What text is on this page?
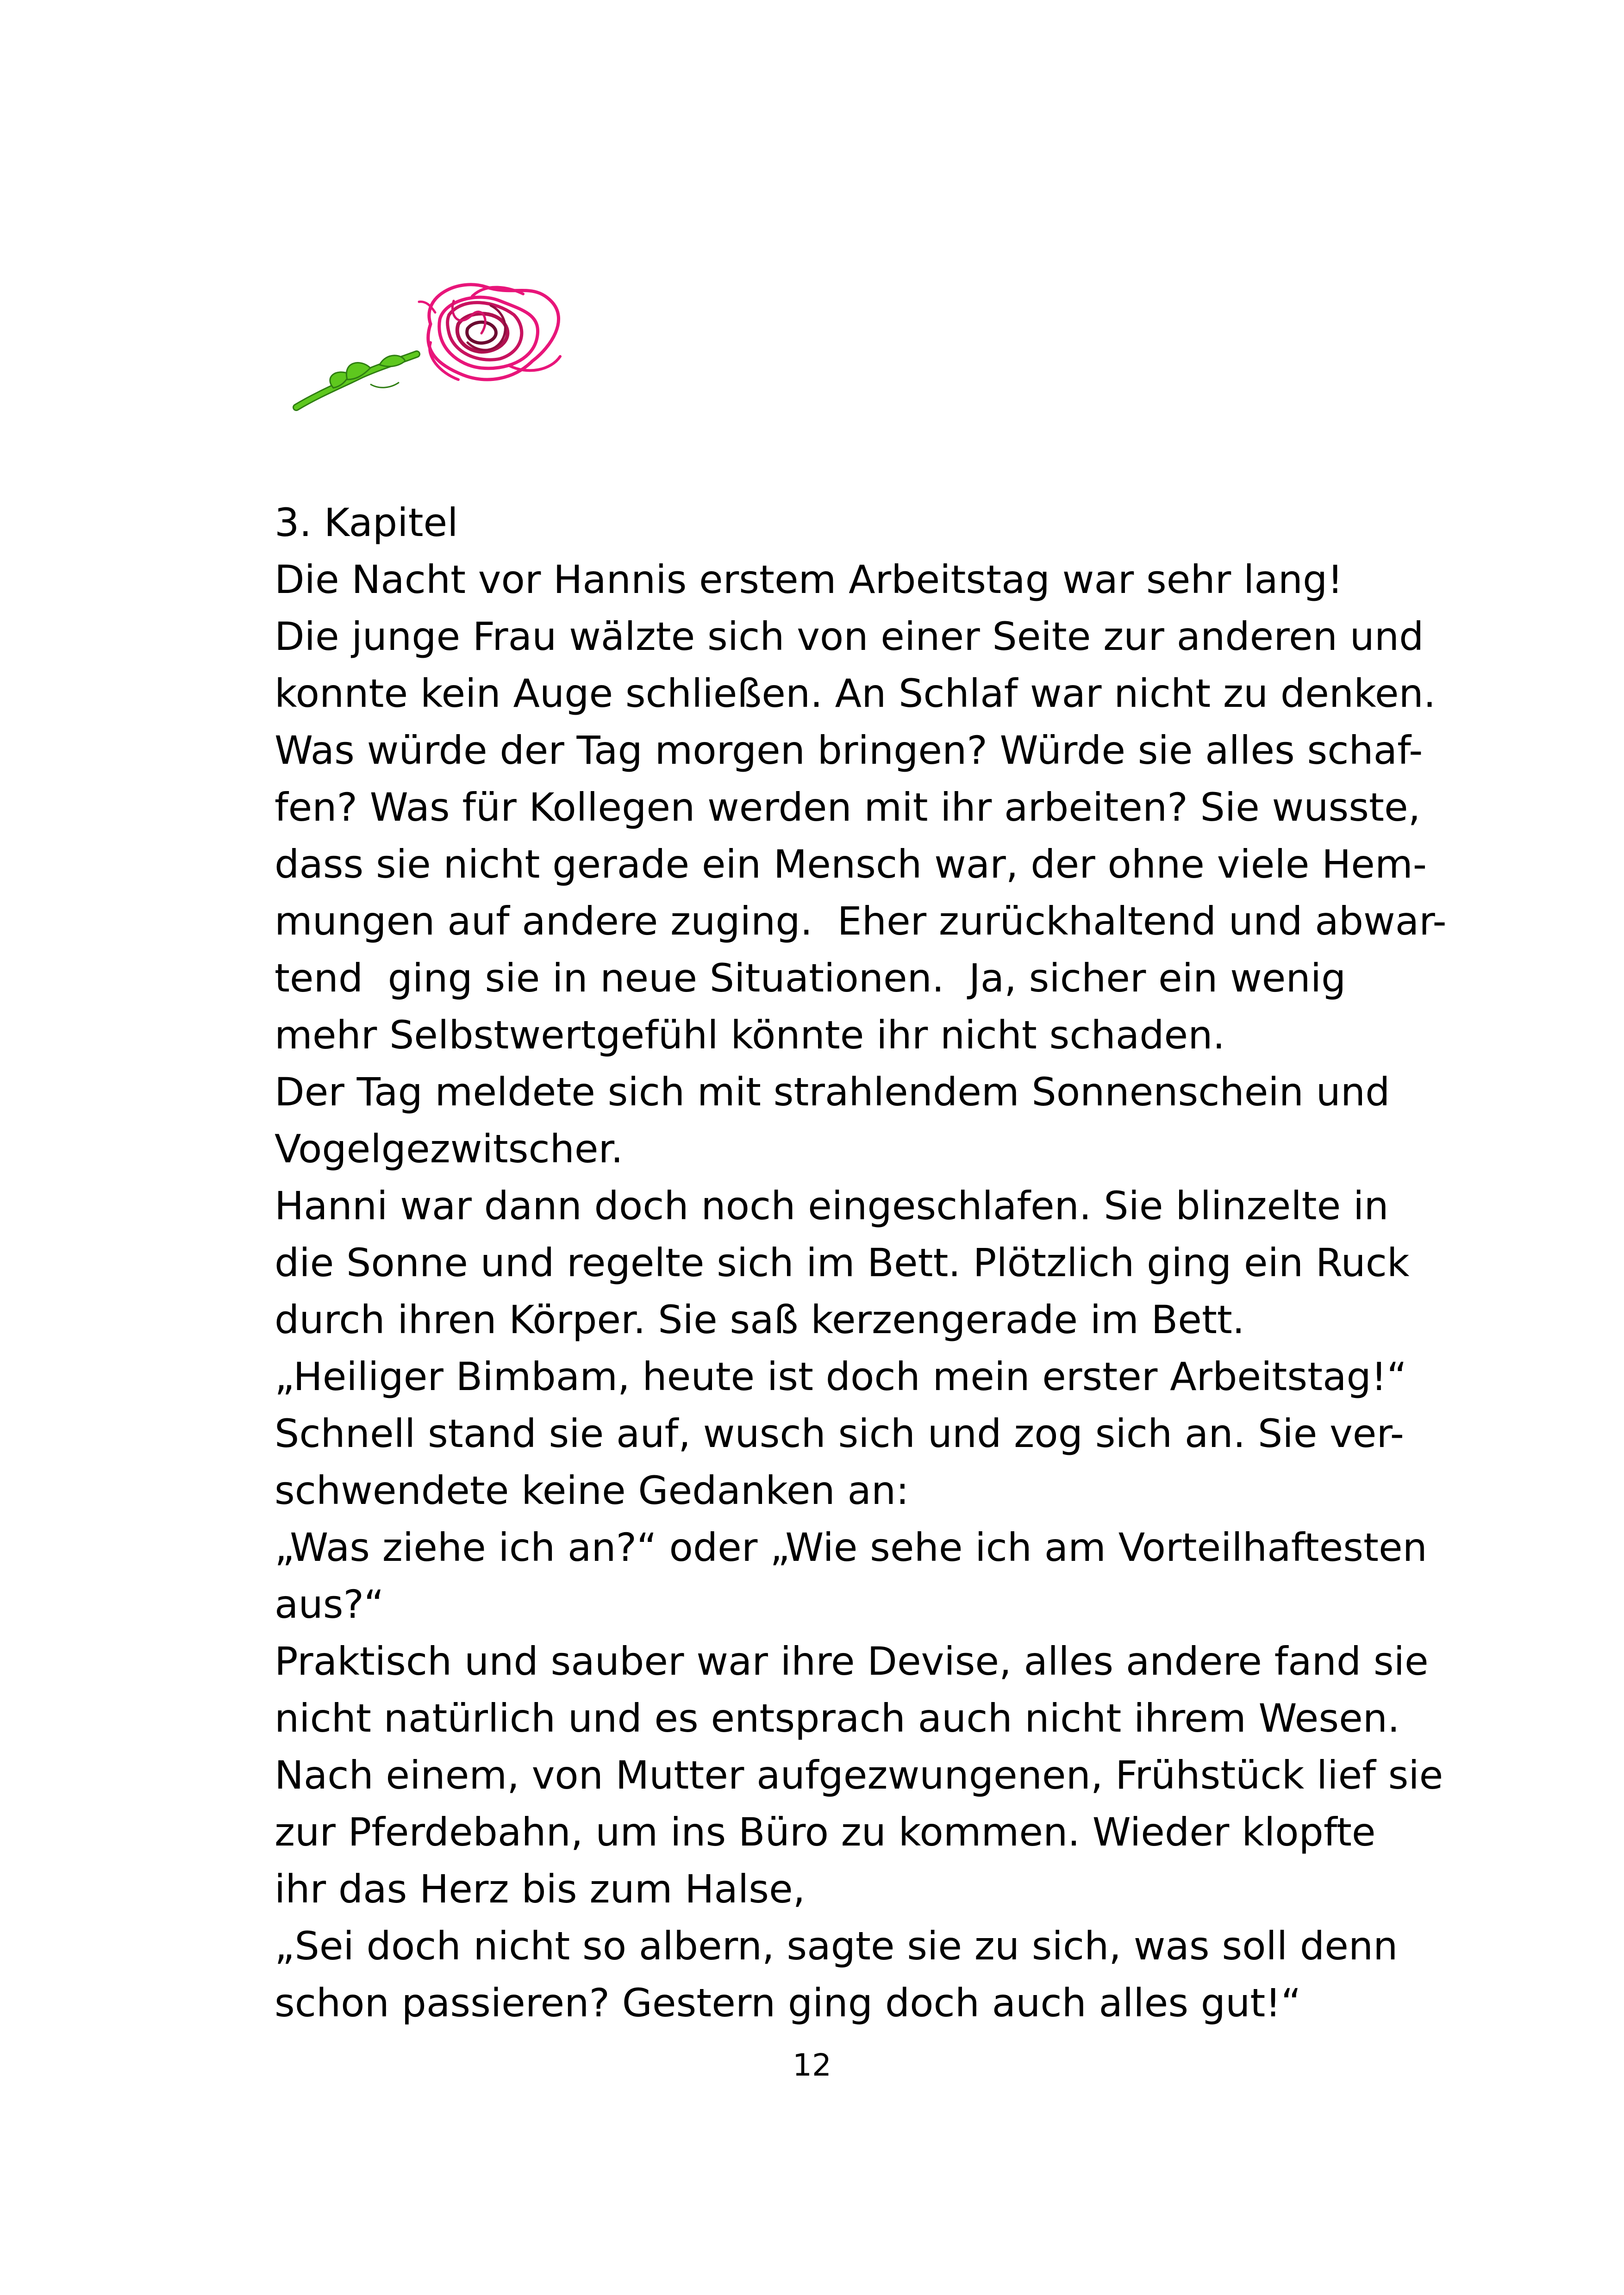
3. Kapitel
Die Nacht vor Hannis erstem Arbeitstag war sehr lang!
Die junge Frau wälzte sich von einer Seite zur anderen und
konnte kein Auge schließen. An Schlaf war nicht zu denken.
Was würde der Tag morgen bringen? Würde sie alles schaf-
fen? Was für Kollegen werden mit ihr arbeiten? Sie wusste,
dass sie nicht gerade ein Mensch war, der ohne viele Hem-
mungen auf andere zuging.  Eher zurückhaltend und abwar-
tend  ging sie in neue Situationen.  Ja, sicher ein wenig
mehr Selbstwertgefühl könnte ihr nicht schaden.
Der Tag meldete sich mit strahlendem Sonnenschein und
Vogelgezwitscher.
Hanni war dann doch noch eingeschlafen. Sie blinzelte in
die Sonne und regelte sich im Bett. Plötzlich ging ein Ruck
durch ihren Körper. Sie saß kerzengerade im Bett.
„Heiliger Bimbam, heute ist doch mein erster Arbeitstag!“
Schnell stand sie auf, wusch sich und zog sich an. Sie ver-
schwendete keine Gedanken an:
„Was ziehe ich an?“ oder „Wie sehe ich am Vorteilhaftesten
aus?“
Praktisch und sauber war ihre Devise, alles andere fand sie
nicht natürlich und es entsprach auch nicht ihrem Wesen.
Nach einem, von Mutter aufgezwungenen, Frühstück lief sie
zur Pferdebahn, um ins Büro zu kommen. Wieder klopfte
ihr das Herz bis zum Halse,
„Sei doch nicht so albern, sagte sie zu sich, was soll denn
schon passieren? Gestern ging doch auch alles gut!“
12
